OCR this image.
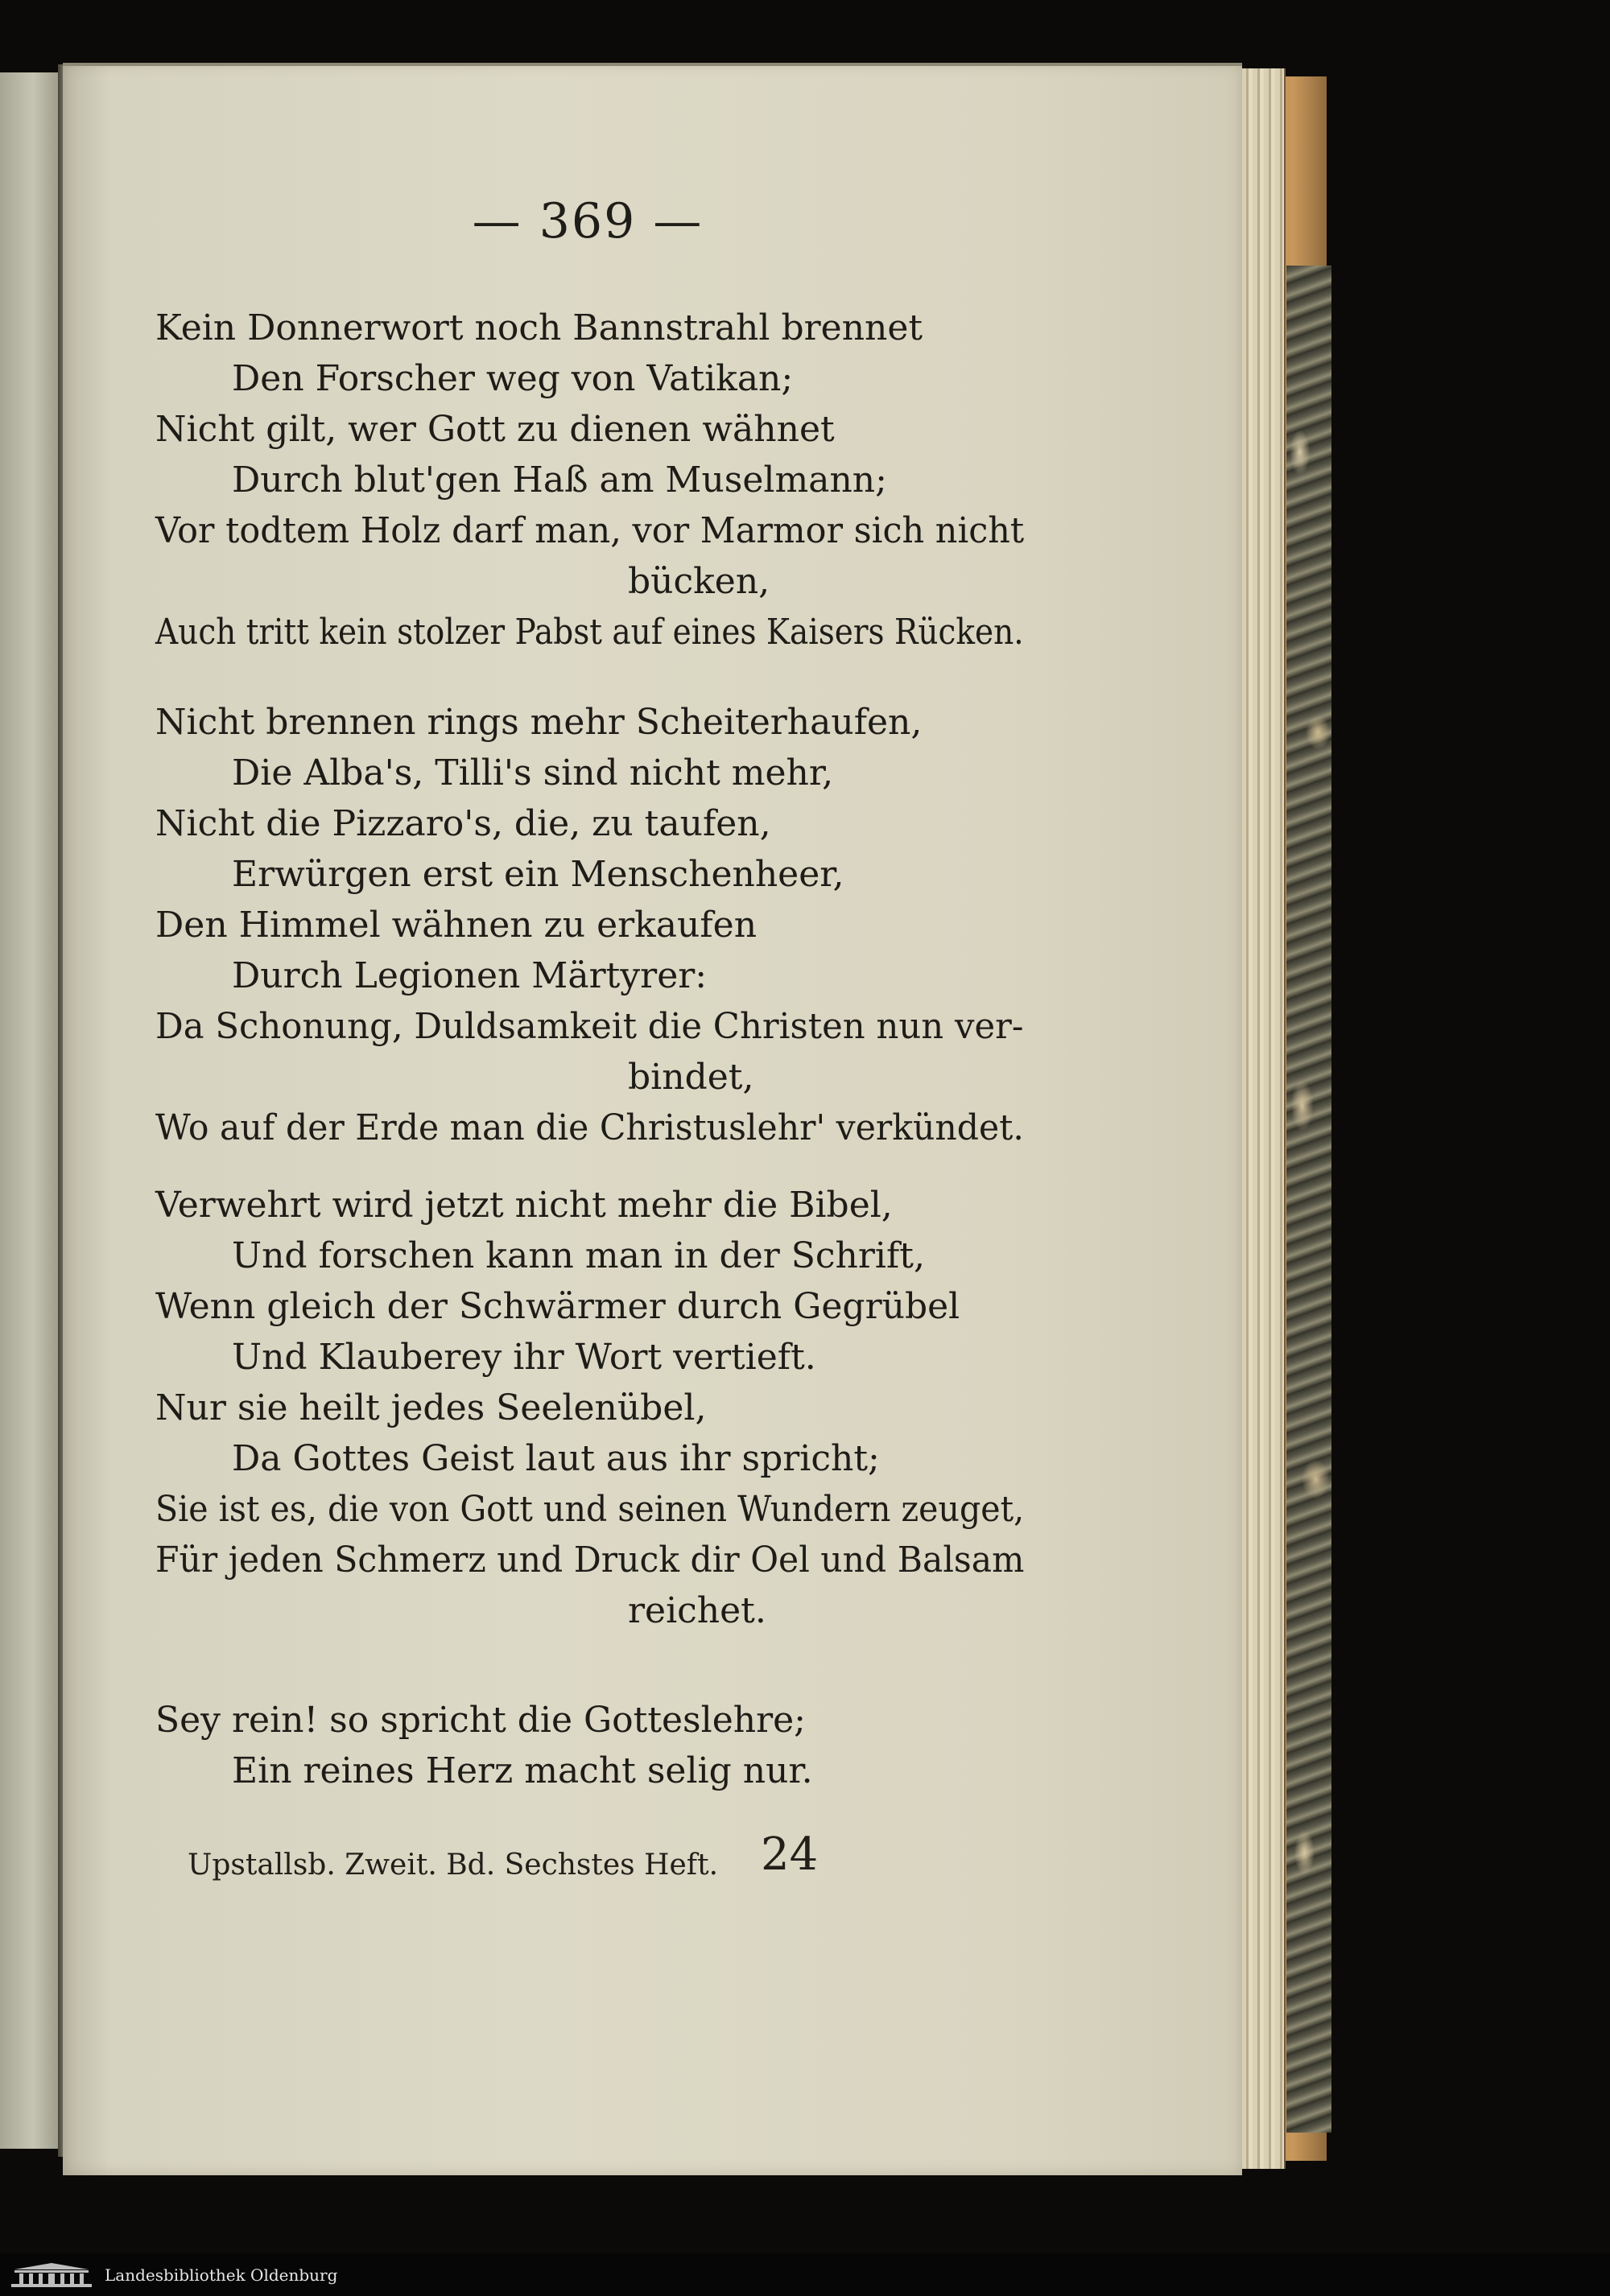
— 369 —

Kein Donnerwort noch Bannstrahl brennet

Den Forscher weg von Vatikan;

Nicht gilt, wer Gott zu dienen wähnet

Durch blut'gen Haß am Muselmann;

Vor todtem Holz darf man, vor Marmor sich nicht

bücken,

Auch tritt kein stolzer Pabst auf eines Kaisers Rücken.

Nicht brennen rings mehr Scheiterhaufen,

Die Alba's, Tilli's sind nicht mehr,

Nicht die Pizzaro's, die, zu taufen,

Erwürgen erst ein Menschenheer,

Den Himmel wähnen zu erkaufen

Durch Legionen Märtyrer:

Da Schonung, Duldsamkeit die Christen nun ver-

bindet,

Wo auf der Erde man die Christuslehr' verkündet.

Verwehrt wird jetzt nicht mehr die Bibel,

Und forschen kann man in der Schrift,

Wenn gleich der Schwärmer durch Gegrübel

Und Klauberey ihr Wort vertieft.

Nur sie heilt jedes Seelenübel,

Da Gottes Geist laut aus ihr spricht;

Sie ist es, die von Gott und seinen Wundern zeuget,

Für jeden Schmerz und Druck dir Oel und Balsam

reichet.

Sey rein! so spricht die Gotteslehre;

Ein reines Herz macht selig nur.

Upstallsb. Zweit. Bd. Sechstes Heft. 24
Landesbibliothek Oldenburg
